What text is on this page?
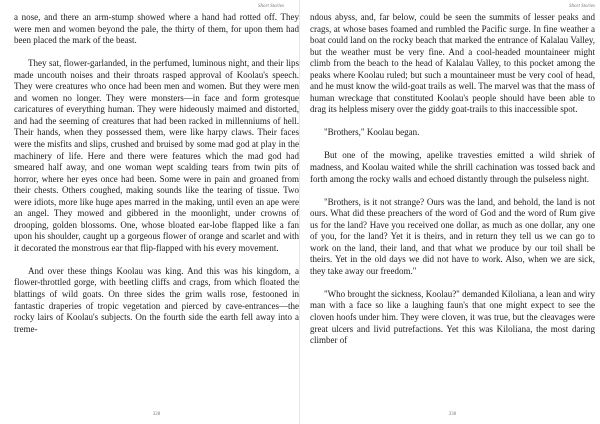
a nose, and there an arm-stump showed where a hand had rotted off. They were men and women beyond the pale, the thirty of them, for upon them had been placed the mark of the beast.

They sat, flower-garlanded, in the perfumed, luminous night, and their lips made uncouth noises and their throats rasped approval of Koolau's speech. They were creatures who once had been men and women. But they were men and women no longer. They were monsters—in face and form grotesque caricatures of everything human. They were hideously maimed and distorted, and had the seeming of creatures that had been racked in millenniums of hell. Their hands, when they possessed them, were like harpy claws. Their faces were the misfits and slips, crushed and bruised by some mad god at play in the machinery of life. Here and there were features which the mad god had smeared half away, and one woman wept scalding tears from twin pits of horror, where her eyes once had been. Some were in pain and groaned from their chests. Others coughed, making sounds like the tearing of tissue. Two were idiots, more like huge apes marred in the making, until even an ape were an angel. They mowed and gibbered in the moonlight, under crowns of drooping, golden blossoms. One, whose bloated ear-lobe flapped like a fan upon his shoulder, caught up a gorgeous flower of orange and scarlet and with it decorated the monstrous ear that flip-flapped with his every movement.

And over these things Koolau was king. And this was his kingdom, a flower-throttled gorge, with beetling cliffs and crags, from which floated the blattings of wild goats. On three sides the grim walls rose, festooned in fantastic draperies of tropic vegetation and pierced by cave-entrances—the rocky lairs of Koolau's subjects. On the fourth side the earth fell away into a treme-

328
Short Stories

ndous abyss, and, far below, could be seen the summits of lesser peaks and crags, at whose bases foamed and rumbled the Pacific surge. In fine weather a boat could land on the rocky beach that marked the entrance of Kalalau Valley, but the weather must be very fine. And a cool-headed mountaineer might climb from the beach to the head of Kalalau Valley, to this pocket among the peaks where Koolau ruled; but such a mountaineer must be very cool of head, and he must know the wild-goat trails as well. The marvel was that the mass of human wreckage that constituted Koolau's people should have been able to drag its helpless misery over the giddy goat-trails to this inaccessible spot.

"Brothers," Koolau began.

But one of the mowing, apelike travesties emitted a wild shriek of madness, and Koolau waited while the shrill cachination was tossed back and forth among the rocky walls and echoed distantly through the pulseless night.

"Brothers, is it not strange? Ours was the land, and behold, the land is not ours. What did these preachers of the word of God and the word of Rum give us for the land? Have you received one dollar, as much as one dollar, any one of you, for the land? Yet it is theirs, and in return they tell us we can go to work on the land, their land, and that what we produce by our toil shall be theirs. Yet in the old days we did not have to work. Also, when we are sick, they take away our freedom."

"Who brought the sickness, Koolau?" demanded Kiloliana, a lean and wiry man with a face so like a laughing faun's that one might expect to see the cloven hoofs under him. They were cloven, it was true, but the cleavages were great ulcers and livid putrefactions. Yet this was Kiloliana, the most daring climber of

330
Short Stories
